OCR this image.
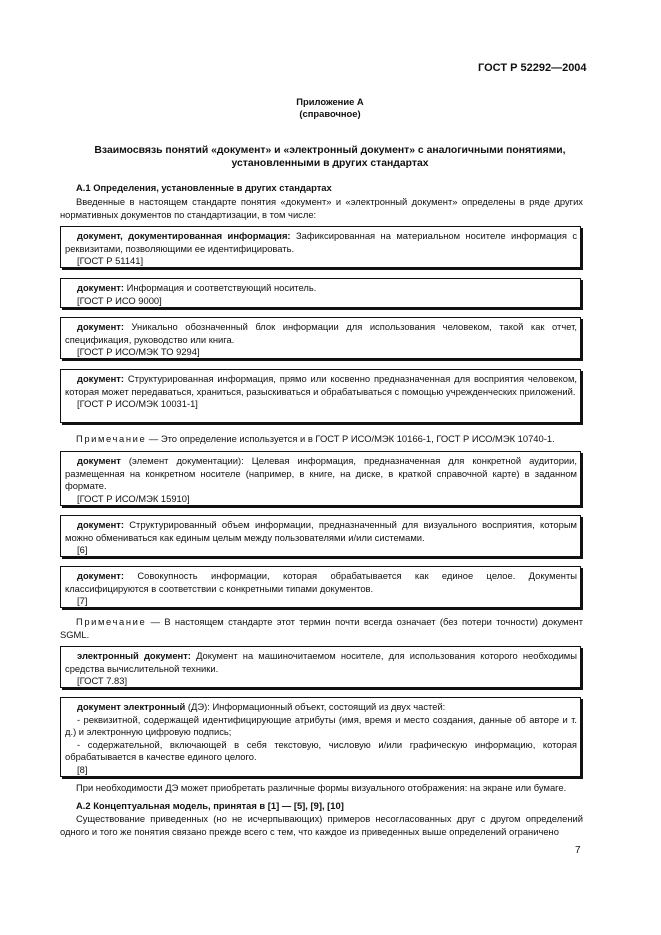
ГОСТ Р 52292—2004
Приложение А
(справочное)
Взаимосвязь понятий «документ» и «электронный документ» с аналогичными понятиями,
установленными в других стандартах
А.1 Определения, установленные в других стандартах
Введенные в настоящем стандарте понятия «документ» и «электронный документ» определены в ряде других нормативных документов по стандартизации, в том числе:

документ, документированная информация: Зафиксированная на материальном носителе информация с реквизитами, позволяющими ее идентифицировать.

[ГОСТ Р 51141]

документ: Информация и соответствующий носитель.

[ГОСТ Р ИСО 9000]

документ: Уникально обозначенный блок информации для использования человеком, такой как отчет, спецификация, руководство или книга.

[ГОСТ Р ИСО/МЭК ТО 9294]

документ: Структурированная информация, прямо или косвенно предназначенная для восприятия человеком, которая может передаваться, храниться, разыскиваться и обрабатываться с помощью учрежденческих приложений.

[ГОСТ Р ИСО/МЭК 10031-1]

Примечание — Это определение используется и в ГОСТ Р ИСО/МЭК 10166-1, ГОСТ Р ИСО/МЭК 10740-1.

документ (элемент документации): Целевая информация, предназначенная для конкретной аудитории, размещенная на конкретном носителе (например, в книге, на диске, в краткой справочной карте) в заданном формате.

[ГОСТ Р ИСО/МЭК 15910]

документ: Структурированный объем информации, предназначенный для визуального восприятия, которым можно обмениваться как единым целым между пользователями и/или системами.

[6]

документ: Совокупность информации, которая обрабатывается как единое целое. Документы классифицируются в соответствии с конкретными типами документов.

[7]

Примечание — В настоящем стандарте этот термин почти всегда означает (без потери точности) документ SGML.

электронный документ: Документ на машиночитаемом носителе, для использования которого необходимы средства вычислительной техники.

[ГОСТ 7.83]

документ электронный (ДЭ): Информационный объект, состоящий из двух частей:

- реквизитной, содержащей идентифицирующие атрибуты (имя, время и место создания, данные об авторе и т. д.) и электронную цифровую подпись;

- содержательной, включающей в себя текстовую, числовую и/или графическую информацию, которая обрабатывается в качестве единого целого.

[8]

При необходимости ДЭ может приобретать различные формы визуального отображения: на экране или бумаге.
А.2 Концептуальная модель, принятая в [1] — [5], [9], [10]
Существование приведенных (но не исчерпывающих) примеров несогласованных друг с другом определений одного и того же понятия связано прежде всего с тем, что каждое из приведенных выше определений ограничено
7
